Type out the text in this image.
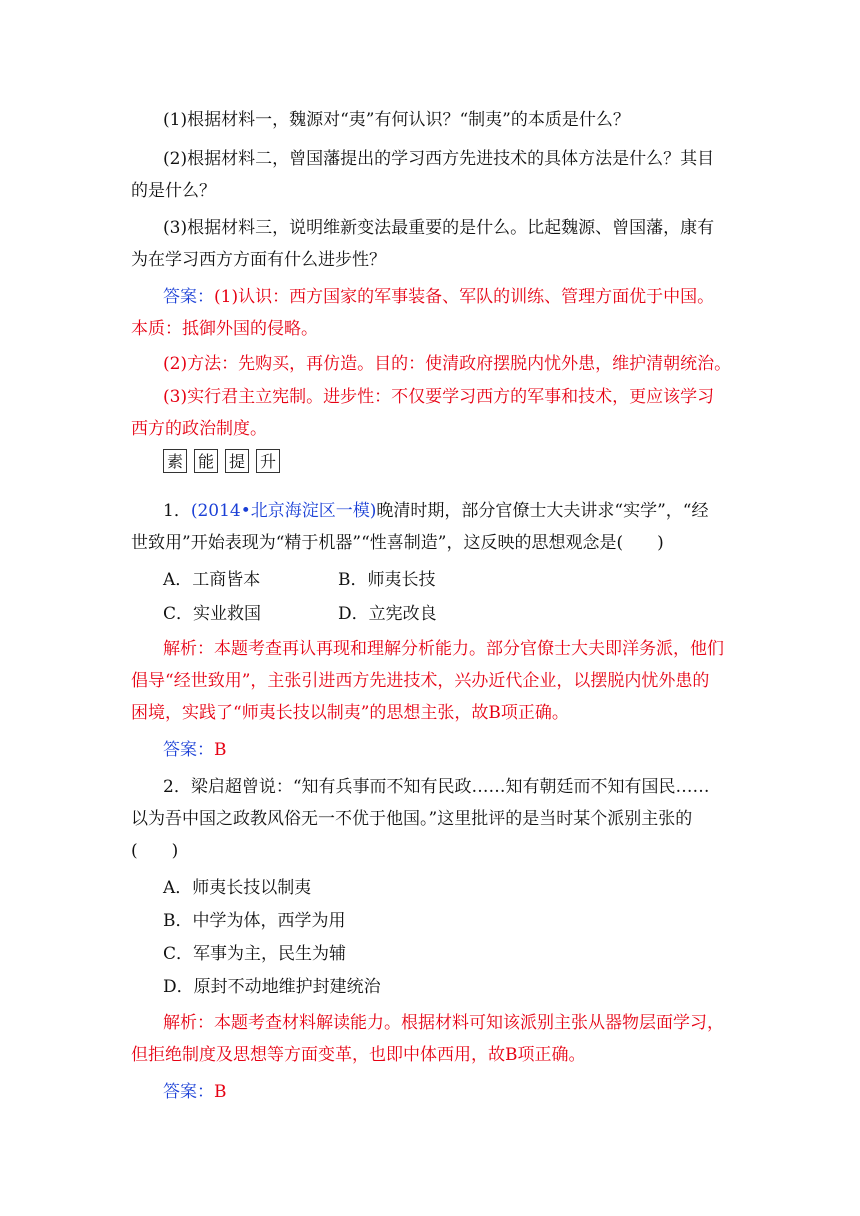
(1)根据材料一，魏源对“夷”有何认识？“制夷”的本质是什么？
(2)根据材料二，曾国藩提出的学习西方先进技术的具体方法是什么？其目
的是什么？
(3)根据材料三，说明维新变法最重要的是什么。比起魏源、曾国藩，康有
为在学习西方方面有什么进步性？
答案：(1)认识：西方国家的军事装备、军队的训练、管理方面优于中国。
本质：抵御外国的侵略。
(2)方法：先购买，再仿造。目的：使清政府摆脱内忧外患，维护清朝统治。
(3)实行君主立宪制。进步性：不仅要学习西方的军事和技术，更应该学习
西方的政治制度。
素 能 提 升
1．(2014•北京海淀区一模)晚清时期，部分官僚士大夫讲求“实学”，“经
世致用”开始表现为“精于机器”“性喜制造”，这反映的思想观念是(　　)
A．工商皆本	B．师夷长技
C．实业救国	D．立宪改良
解析：本题考查再认再现和理解分析能力。部分官僚士大夫即洋务派，他们
倡导“经世致用”，主张引进西方先进技术，兴办近代企业，以摆脱内忧外患的
困境，实践了“师夷长技以制夷”的思想主张，故B项正确。
答案：B
2．梁启超曾说：“知有兵事而不知有民政……知有朝廷而不知有国民……
以为吾中国之政教风俗无一不优于他国。”这里批评的是当时某个派别主张的
(　　)
A．师夷长技以制夷
B．中学为体，西学为用
C．军事为主，民生为辅
D．原封不动地维护封建统治
解析：本题考查材料解读能力。根据材料可知该派别主张从器物层面学习，
但拒绝制度及思想等方面变革，也即中体西用，故B项正确。
答案：B
